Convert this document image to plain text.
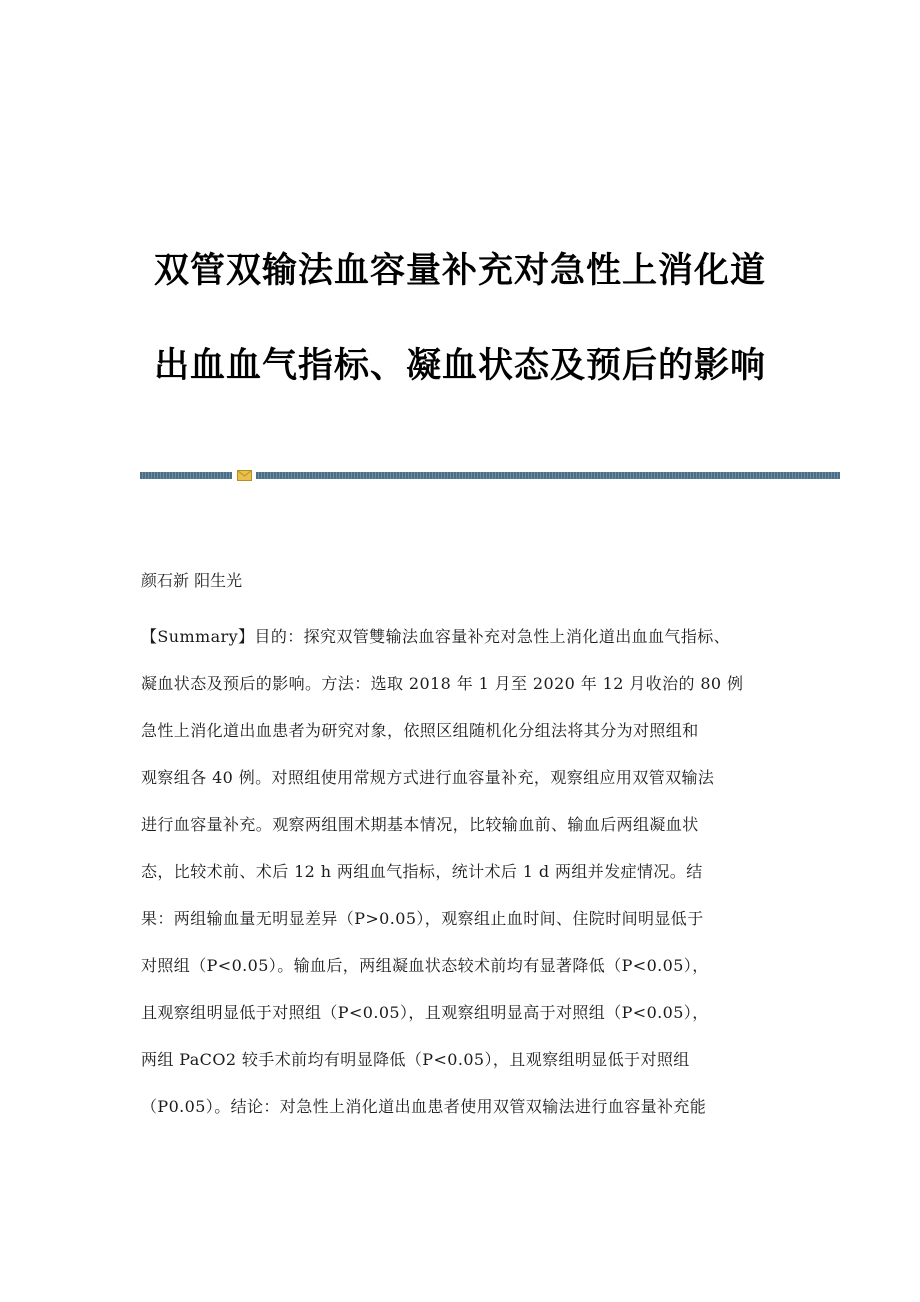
双管双输法血容量补充对急性上消化道
出血血气指标、凝血状态及预后的影响
颜石新 阳生光
【Summary】目的：探究双管雙输法血容量补充对急性上消化道出血血气指标、
凝血状态及预后的影响。方法：选取 2018 年 1 月至 2020 年 12 月收治的 80 例
急性上消化道出血患者为研究对象，依照区组随机化分组法将其分为对照组和
观察组各 40 例。对照组使用常规方式进行血容量补充，观察组应用双管双输法
进行血容量补充。观察两组围术期基本情况，比较输血前、输血后两组凝血状
态，比较术前、术后 12 h 两组血气指标，统计术后 1 d 两组并发症情况。结
果：两组输血量无明显差异（P>0.05），观察组止血时间、住院时间明显低于
对照组（P<0.05）。输血后，两组凝血状态较术前均有显著降低（P<0.05），
且观察组明显低于对照组（P<0.05），且观察组明显高于对照组（P<0.05），
两组 PaCO2 较手术前均有明显降低（P<0.05），且观察组明显低于对照组
（P0.05）。结论：对急性上消化道出血患者使用双管双输法进行血容量补充能
